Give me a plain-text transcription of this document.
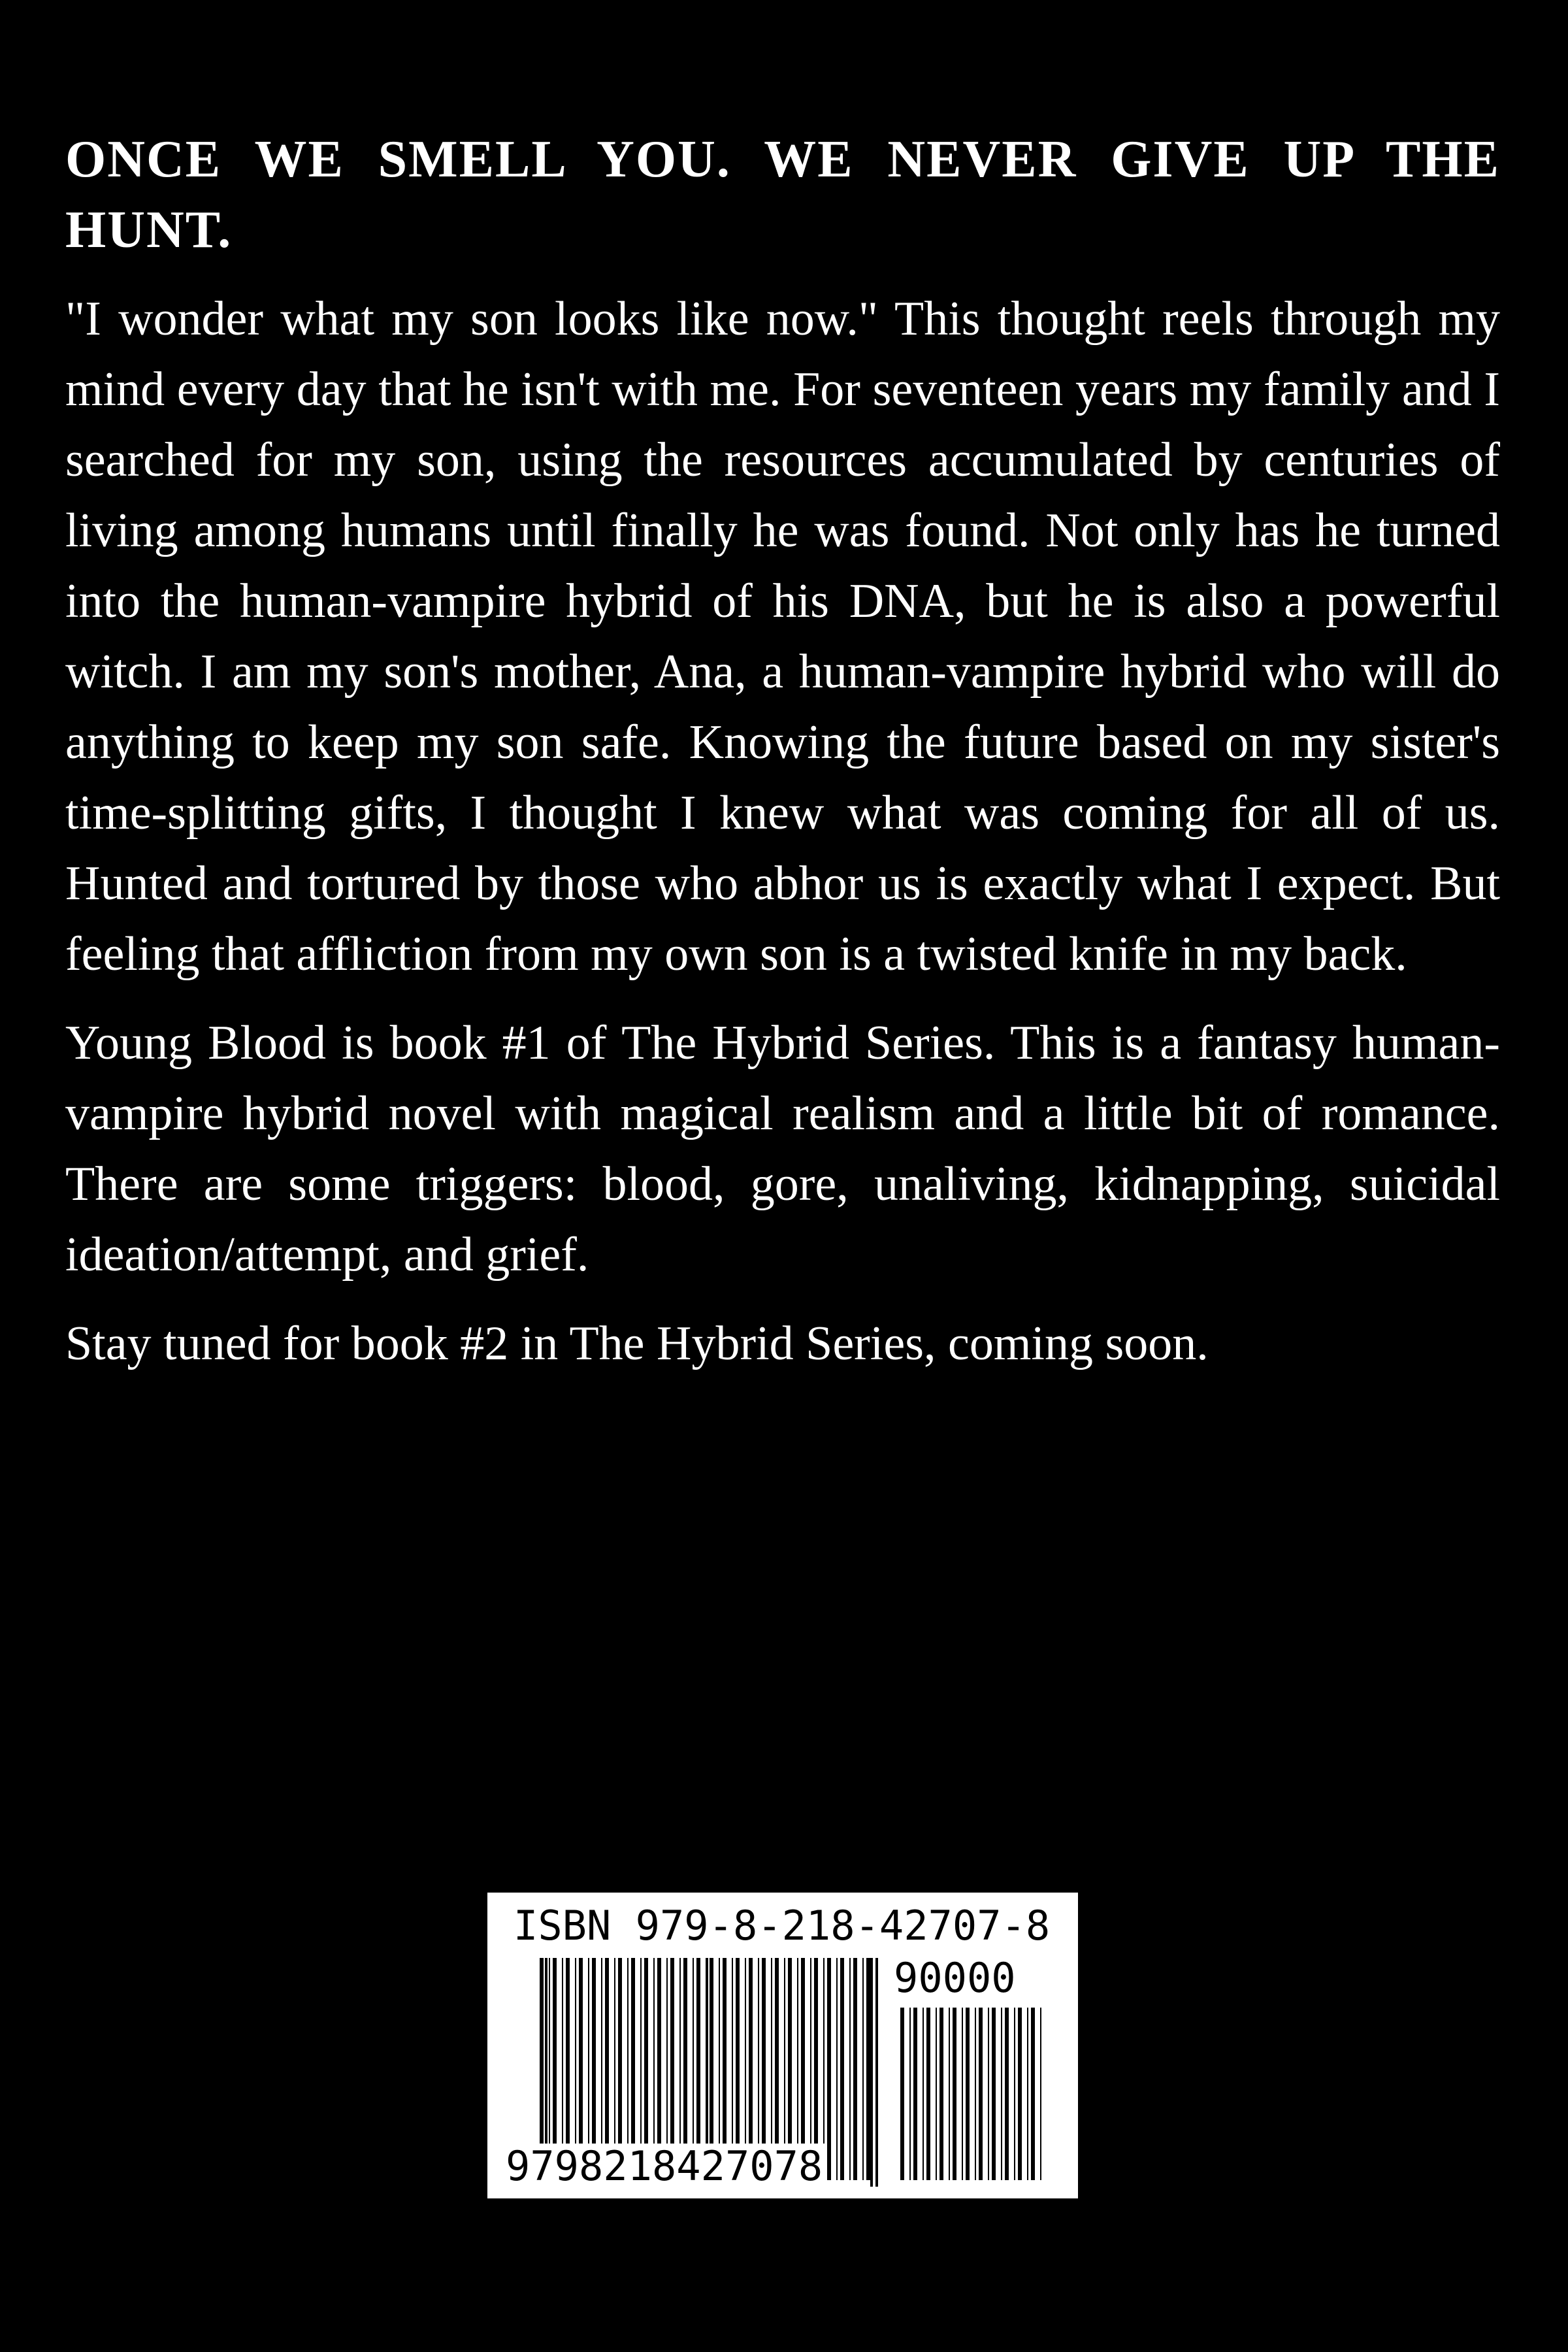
ONCE WE SMELL YOU. WE NEVER GIVE UP THE HUNT.

"I wonder what my son looks like now." This thought reels through my mind every day that he isn't with me. For seventeen years my family and I searched for my son, using the resources accumulated by centuries of living among humans until finally he was found. Not only has he turned into the human-vampire hybrid of his DNA, but he is also a powerful witch. I am my son's mother, Ana, a human-vampire hybrid who will do anything to keep my son safe. Knowing the future based on my sister's time-splitting gifts, I thought I knew what was coming for all of us. Hunted and tortured by those who abhor us is exactly what I expect. But feeling that affliction from my own son is a twisted knife in my back.

Young Blood is book #1 of The Hybrid Series. This is a fantasy human-vampire hybrid novel with magical realism and a little bit of romance. There are some triggers: blood, gore, unaliving, kidnapping, suicidal ideation/attempt, and grief.

Stay tuned for book #2 in The Hybrid Series, coming soon.

ISBN 979-8-218-42707-8
90000
9798218427078
